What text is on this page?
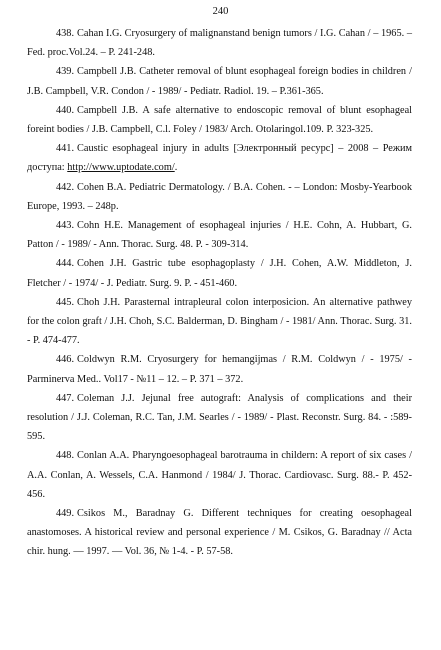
240

438. Cahan I.G. Cryosurgery of malignanstand benign tumors / I.G. Cahan / – 1965. – Fed. proc.Vol.24. – P. 241-248.

439. Campbell J.B. Catheter removal of blunt esophageal foreign bodies in children / J.B. Campbell, V.R. Condon / - 1989/ - Pediatr. Radiol. 19. – P.361-365.

440. Campbell J.B. A safe alternative to endoscopic removal of blunt esophageal foreint bodies / J.B. Campbell, C.l. Foley / 1983/ Arch. Otolaringol.109. P. 323-325.

441. Caustic esophageal injury in adults [Электронный ресурс] – 2008 – Режим доступа: http://www.uptodate.com/.

442. Cohen B.A. Pediatric Dermatology. / B.A. Cohen. - – London: Mosby-Yearbook Europe, 1993. – 248p.

443. Cohn H.E. Management of esophageal injuries / H.E. Cohn, A. Hubbart, G. Patton / - 1989/ - Ann. Thorac. Surg. 48. P. - 309-314.

444. Cohen J.H. Gastric tube esophagoplasty / J.H. Cohen, A.W. Middleton, J. Fletcher / - 1974/ - J. Pediatr. Surg. 9. P. - 451-460.

445. Choh J.H. Parasternal intrapleural colon interposicion. An alternative pathwey for the colon graft / J.H. Choh, S.C. Balderman, D. Bingham / - 1981/ Ann. Thorac. Surg. 31. - P. 474-477.

446. Coldwyn R.M. Cryosurgery for hemangijmas / R.M. Coldwyn / - 1975/ - Parminerva Med.. Vol17 - №11 – 12. – P. 371 – 372.

447. Coleman J.J. Jejunal free autograft: Analysis of complications and their resolution / J.J. Coleman, R.C. Tan, J.M. Searles / - 1989/ - Plast. Reconstr. Surg. 84. - :589-595.

448. Conlan A.A. Pharyngoesophageal barotrauma in childern: A report of six cases / A.A. Conlan, A. Wessels, C.A. Hanmond / 1984/ J. Thorac. Cardiovasc. Surg. 88.- P. 452-456.

449. Csikos M., Baradnay G. Different techniques for creating oesophageal anastomoses. A historical review and personal experience / M. Csikos, G. Baradnay // Acta chir. hung. — 1997. — Vol. 36, № 1-4. - P. 57-58.
